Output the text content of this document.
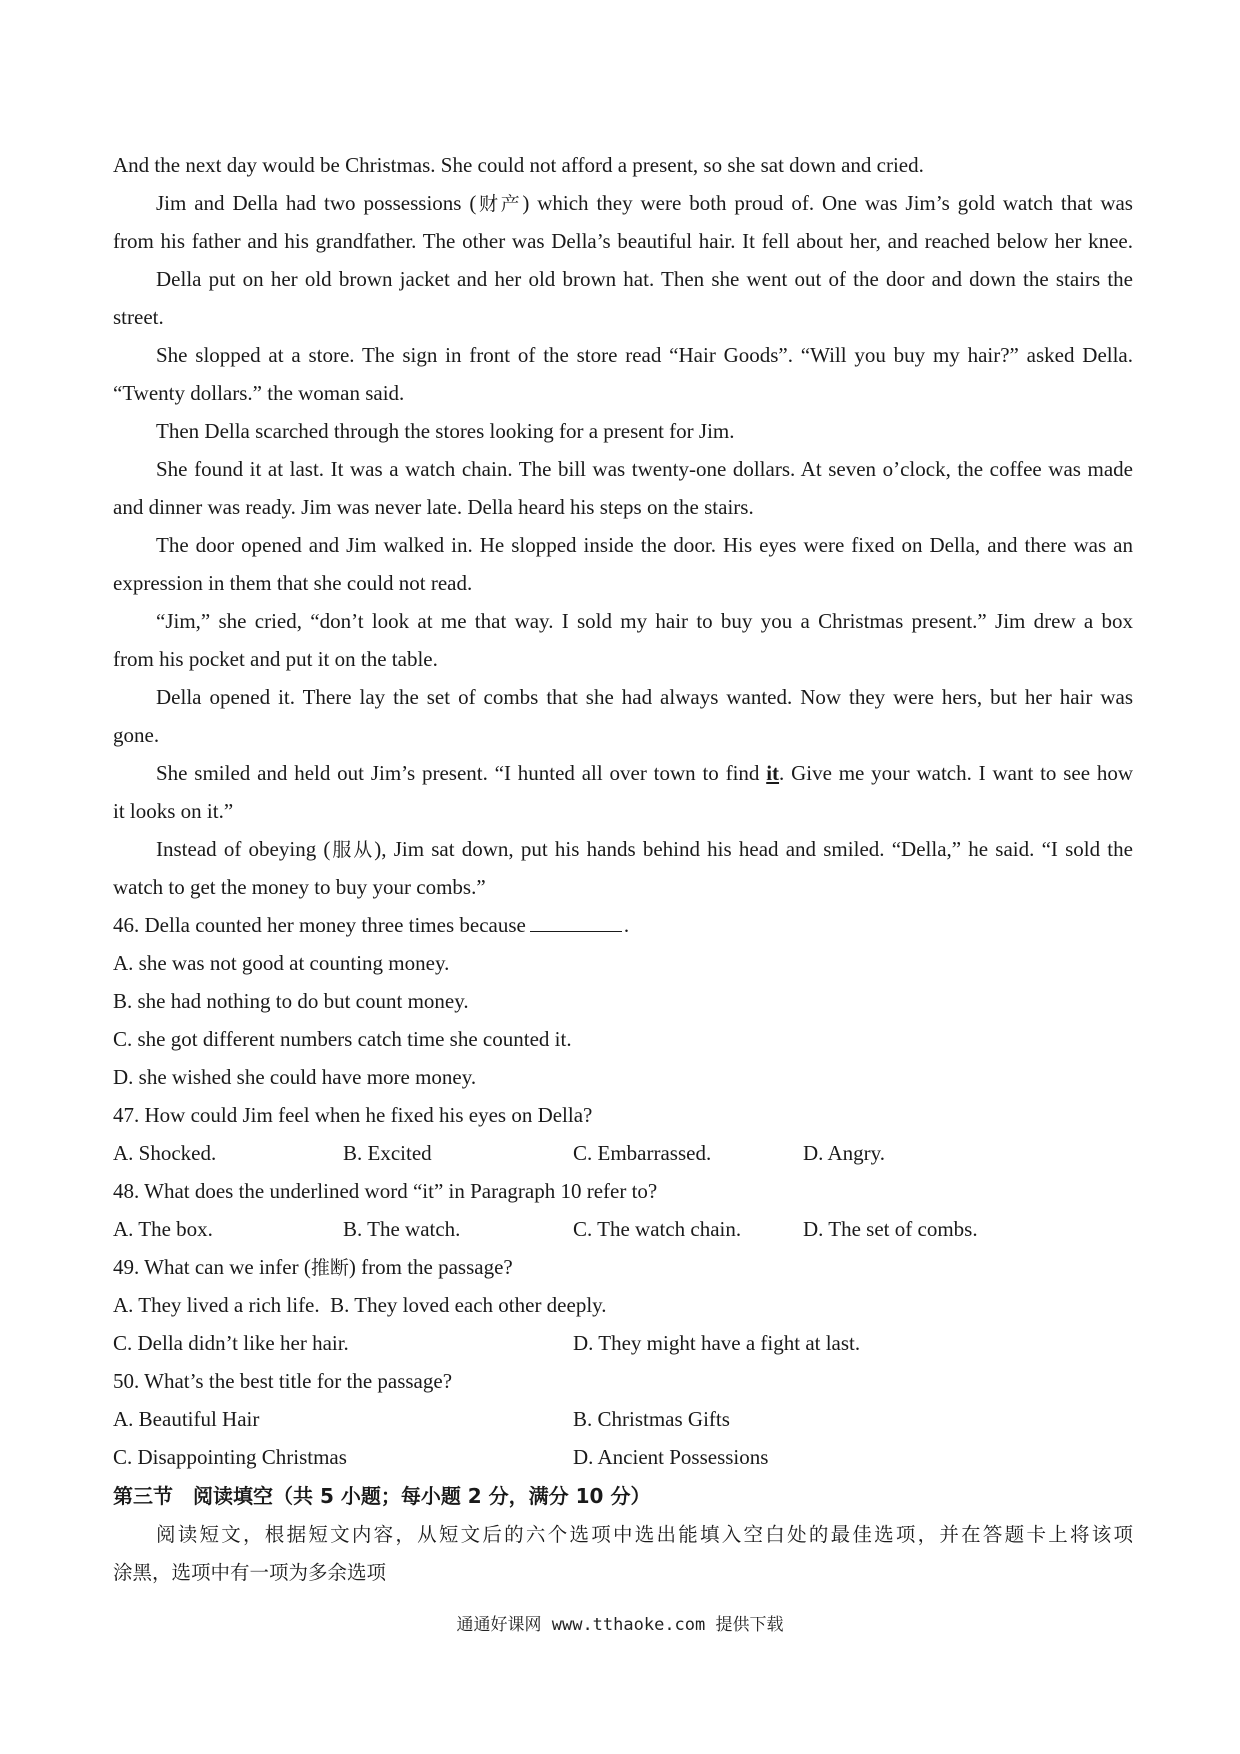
And the next day would be Christmas. She could not afford a present, so she sat down and cried.
Jim and Della had two possessions (财产) which they were both proud of. One was Jim’s gold watch that was
from his father and his grandfather. The other was Della’s beautiful hair. It fell about her, and reached below her knee.
Della put on her old brown jacket and her old brown hat. Then she went out of the door and down the stairs the
street.
She slopped at a store. The sign in front of the store read “Hair Goods”. “Will you buy my hair?” asked Della.
“Twenty dollars.” the woman said.
Then Della scarched through the stores looking for a present for Jim.
She found it at last. It was a watch chain. The bill was twenty-one dollars. At seven o’clock, the coffee was made
and dinner was ready. Jim was never late. Della heard his steps on the stairs.
The door opened and Jim walked in. He slopped inside the door. His eyes were fixed on Della, and there was an
expression in them that she could not read.
“Jim,” she cried, “don’t look at me that way. I sold my hair to buy you a Christmas present.” Jim drew a box
from his pocket and put it on the table.
Della opened it. There lay the set of combs that she had always wanted. Now they were hers, but her hair was
gone.
She smiled and held out Jim’s present. “I hunted all over town to find it. Give me your watch. I want to see how
it looks on it.”
Instead of obeying (服从), Jim sat down, put his hands behind his head and smiled. “Della,” he said. “I sold the
watch to get the money to buy your combs.”
46. Della counted her money three times because	.
A. she was not good at counting money.
B. she had nothing to do but count money.
C. she got different numbers catch time she counted it.
D. she wished she could have more money.
47. How could Jim feel when he fixed his eyes on Della?
A. Shocked.	B. Excited	C. Embarrassed.	D. Angry.
48. What does the underlined word “it” in Paragraph 10 refer to?
A. The box.	B. The watch.	C. The watch chain.	D. The set of combs.
49. What can we infer (推断) from the passage?
A. They lived a rich life. B. They loved each other deeply.
C. Della didn’t like her hair.	D. They might have a fight at last.
50. What’s the best title for the passage?
A. Beautiful Hair	B. Christmas Gifts
C. Disappointing Christmas	D. Ancient Possessions
第三节　阅读填空（共 5 小题；每小题 2 分，满分 10 分）
阅读短文，根据短文内容，从短文后的六个选项中选出能填入空白处的最佳选项，并在答题卡上将该项
涂黑，选项中有一项为多余选项
通通好课网 www.tthaoke.com 提供下载
